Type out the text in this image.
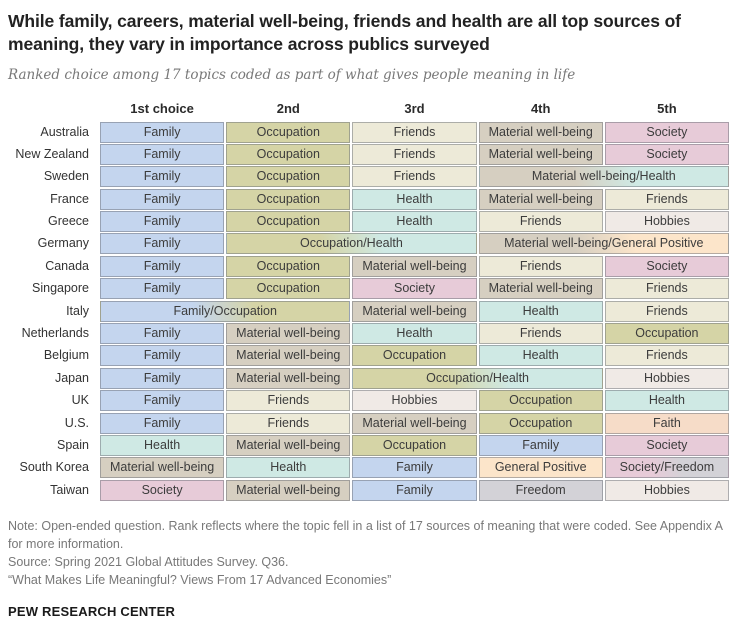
While family, careers, material well-being, friends and health are all top sources of meaning, they vary in importance across publics surveyed

Ranked choice among 17 topics coded as part of what gives people meaning in life

1st choice	2nd	3rd	4th	5th
Australia	Family	Occupation	Friends	Material well-being	Society
New Zealand	Family	Occupation	Friends	Material well-being	Society
Sweden	Family	Occupation	Friends	Material well-being/Health
France	Family	Occupation	Health	Material well-being	Friends
Greece	Family	Occupation	Health	Friends	Hobbies
Germany	Family	Occupation/Health	Material well-being/General Positive
Canada	Family	Occupation	Material well-being	Friends	Society
Singapore	Family	Occupation	Society	Material well-being	Friends
Italy	Family/Occupation	Material well-being	Health	Friends
Netherlands	Family	Material well-being	Health	Friends	Occupation
Belgium	Family	Material well-being	Occupation	Health	Friends
Japan	Family	Material well-being	Occupation/Health	Hobbies
UK	Family	Friends	Hobbies	Occupation	Health
U.S.	Family	Friends	Material well-being	Occupation	Faith
Spain	Health	Material well-being	Occupation	Family	Society
South Korea	Material well-being	Health	Family	General Positive	Society/Freedom
Taiwan	Society	Material well-being	Family	Freedom	Hobbies

Note: Open-ended question. Rank reflects where the topic fell in a list of 17 sources of meaning that were coded. See Appendix A for more information.

Source: Spring 2021 Global Attitudes Survey. Q36.

“What Makes Life Meaningful? Views From 17 Advanced Economies”

PEW RESEARCH CENTER
